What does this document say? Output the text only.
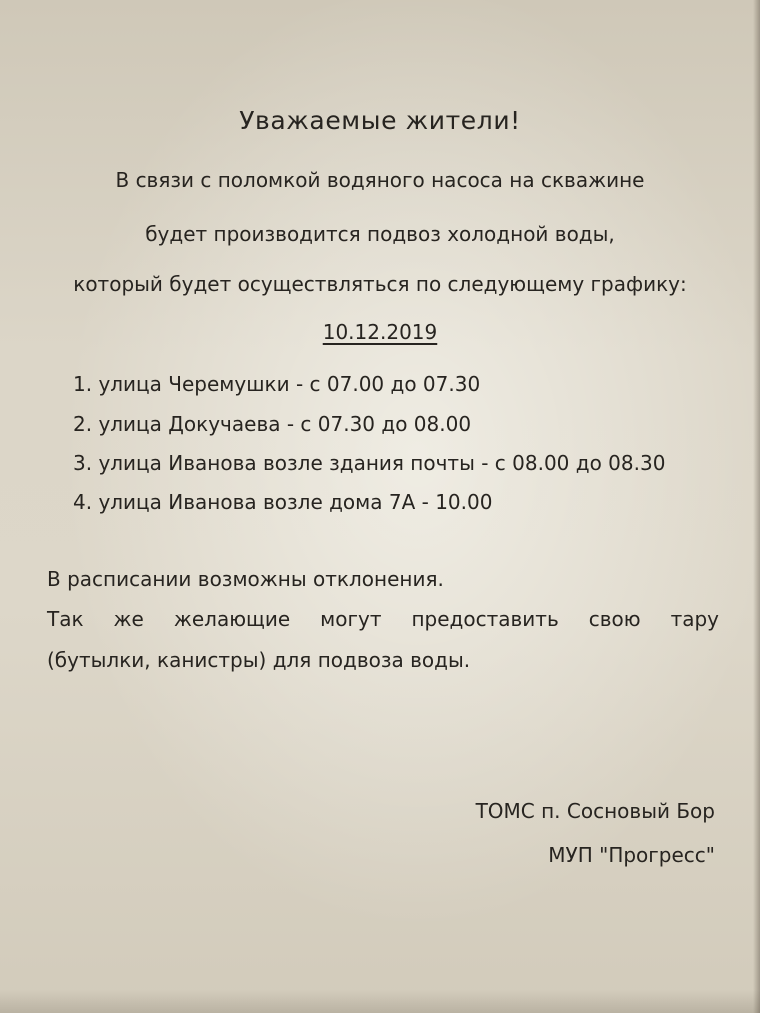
Уважаемые жители!

В связи с поломкой водяного насоса на скважине

будет производится подвоз холодной воды,

который будет осуществляться по следующему графику:

10.12.2019

1. улица Черемушки - с 07.00 до 07.30

2. улица Докучаева - с 07.30 до 08.00

3. улица Иванова возле здания почты - с 08.00 до 08.30

4. улица Иванова возле дома 7А - 10.00

В расписании возможны отклонения.

Так же желающие могут предоставить свою тару

(бутылки, канистры) для подвоза воды.

ТОМС п. Сосновый Бор

МУП "Прогресс"
